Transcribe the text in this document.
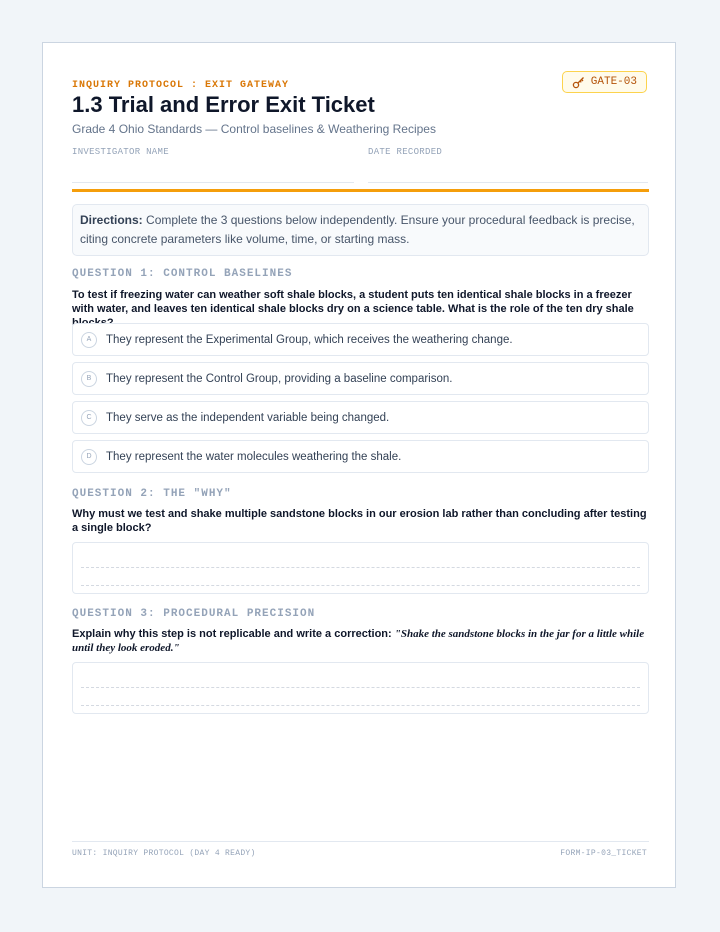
INQUIRY PROTOCOL : EXIT GATEWAY	GATE-03
1.3 Trial and Error Exit Ticket
Grade 4 Ohio Standards — Control baselines & Weathering Recipes
INVESTIGATOR NAME	DATE RECORDED
Directions: Complete the 3 questions below independently. Ensure your procedural feedback is precise, citing concrete parameters like volume, time, or starting mass.
QUESTION 1: CONTROL BASELINES
To test if freezing water can weather soft shale blocks, a student puts ten identical shale blocks in a freezer with water, and leaves ten identical shale blocks dry on a science table. What is the role of the ten dry shale
A	They represent the Experimental Group, which receives the weathering change.
B	They represent the Control Group, providing a baseline comparison.
C	They serve as the independent variable being changed.
D	They represent the water molecules weathering the shale.
QUESTION 2: THE "WHY"
Why must we test and shake multiple sandstone blocks in our erosion lab rather than concluding after testing a single block?
QUESTION 3: PROCEDURAL PRECISION
Explain why this step is not replicable and write a correction: "Shake the sandstone blocks in the jar for a little while until they look eroded."
UNIT: INQUIRY PROTOCOL (DAY 4 READY)	FORM-IP-03_TICKET
